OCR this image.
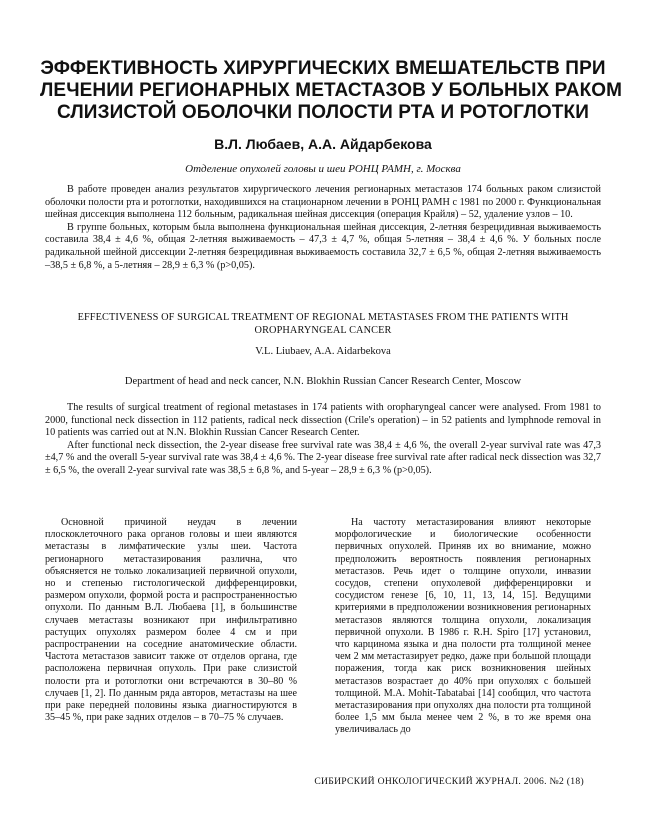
ЭФФЕКТИВНОСТЬ ХИРУРГИЧЕСКИХ ВМЕШАТЕЛЬСТВ ПРИ
ЛЕЧЕНИИ РЕГИОНАРНЫХ МЕТАСТАЗОВ У БОЛЬНЫХ РАКОМ
СЛИЗИСТОЙ ОБОЛОЧКИ ПОЛОСТИ РТА И РОТОГЛОТКИ
В.Л. Любаев, А.А. Айдарбекова
Отделение опухолей головы и шеи РОНЦ РАМН, г. Москва

В работе проведен анализ результатов хирургического лечения регионарных метастазов 174 больных раком слизистой оболочки полости рта и ротоглотки, находившихся на стационарном лечении в РОНЦ РАМН с 1981 по 2000 г. Функциональная шейная диссекция выполнена 112 больным, радикальная шейная диссекция (операция Крайля) – 52, удаление узлов – 10.

В группе больных, которым была выполнена функциональная шейная диссекция, 2-летняя безрецидивная выживаемость составила 38,4 ± 4,6 %, общая 2-летняя выживаемость – 47,3 ± 4,7 %, общая 5-летняя – 38,4 ± 4,6 %. У больных после радикальной шейной диссекции 2-летняя безрецидивная выживаемость составила 32,7 ± 6,5 %, общая 2-летняя выживаемость –38,5 ± 6,8 %, а 5-летняя – 28,9 ± 6,3 % (p>0,05).

EFFECTIVENESS OF SURGICAL TREATMENT OF REGIONAL METASTASES FROM THE PATIENTS WITH
OROPHARYNGEAL CANCER
V.L. Liubaev, A.A. Aidarbekova
Department of head and neck cancer, N.N. Blokhin Russian Cancer Research Center, Moscow

The results of surgical treatment of regional metastases in 174 patients with oropharyngeal cancer were analysed. From 1981 to 2000, functional neck dissection in 112 patients, radical neck dissection (Crile's operation) – in 52 patients and lymphnode removal in 10 patients was carried out at N.N. Blokhin Russian Cancer Research Center.

After functional neck dissection, the 2-year disease free survival rate was 38,4 ± 4,6 %, the overall 2-year survival rate was 47,3 ±4,7 % and the overall 5-year survival rate was 38,4 ± 4,6 %. The 2-year disease free survival rate after radical neck dissection was 32,7 ± 6,5 %, the overall 2-year survival rate was 38,5 ± 6,8 %, and 5-year – 28,9 ± 6,3 % (p>0,05).

Основной причиной неудач в лечении плоскоклеточного рака органов головы и шеи являются метастазы в лимфатические узлы шеи. Частота регионарного метастазирования различна, что объясняется не только локализацией первичной опухоли, но и степенью гистологической дифференцировки, размером опухоли, формой роста и распространенностью опухоли. По данным В.Л. Любаева [1], в большинстве случаев метастазы возникают при инфильтративно растущих опухолях размером более 4 см и при распространении на соседние анатомические области. Частота метастазов зависит также от отделов органа, где расположена первичная опухоль. При раке слизистой полости рта и ротоглотки они встречаются в 30–80 % случаев [1, 2]. По данным ряда авторов, метастазы на шее при раке передней половины языка диагностируются в 35–45 %, при раке задних отделов – в 70–75 % случаев.

На частоту метастазирования влияют некоторые морфологические и биологические особенности первичных опухолей. Приняв их во внимание, можно предположить вероятность появления регионарных метастазов. Речь идет о толщине опухоли, инвазии сосудов, степени опухолевой дифференцировки и сосудистом генезе [6, 10, 11, 13, 14, 15]. Ведущими критериями в предположении возникновения регионарных метастазов являются толщина опухоли, локализация первичной опухоли. В 1986 г. R.H. Spiro [17] установил, что карцинома языка и дна полости рта толщиной менее чем 2 мм метастазирует редко, даже при большой площади поражения, тогда как риск возникновения шейных метастазов возрастает до 40% при опухолях с большей толщиной. M.A. Mohit-Tabatabai [14] сообщил, что частота метастазирования при опухолях дна полости рта толщиной более 1,5 мм была менее чем 2 %, в то же время она увеличивалась до

СИБИРСКИЙ ОНКОЛОГИЧЕСКИЙ ЖУРНАЛ. 2006. №2 (18)
